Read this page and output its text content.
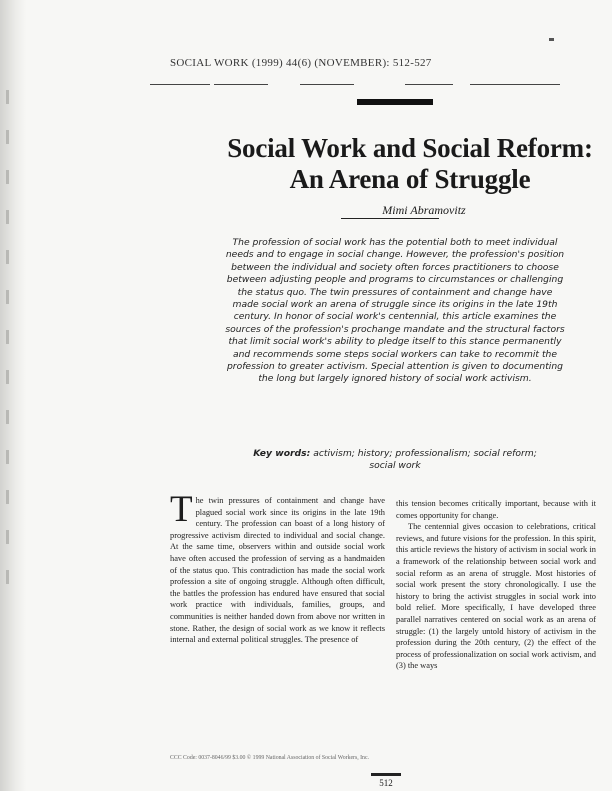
SOCIAL WORK (1999) 44(6) (NOVEMBER): 512-527
Social Work and Social Reform:
An Arena of Struggle
Mimi Abramovitz
The profession of social work has the potential both to meet individual needs and to engage in social change. However, the profession's position between the individual and society often forces practitioners to choose between adjusting people and programs to circumstances or challenging the status quo. The twin pressures of containment and change have made social work an arena of struggle since its origins in the late 19th century. In honor of social work's centennial, this article examines the sources of the profession's prochange mandate and the structural factors that limit social work's ability to pledge itself to this stance permanently and recommends some steps social workers can take to recommit the profession to greater activism. Special attention is given to documenting the long but largely ignored history of social work activism.
Key words: activism; history; professionalism; social reform; social work
T he twin pressures of containment and change have plagued social work since its origins in the late 19th century. The profession can boast of a long history of progressive activism directed to individual and social change. At the same time, observers within and outside social work have often accused the profession of serving as a handmaiden of the status quo. This contradiction has made the social work profession a site of ongoing struggle. Although often difficult, the battles the profession has endured have ensured that social work practice with individuals, families, groups, and communities is neither handed down from above nor written in stone. Rather, the design of social work as we know it reflects internal and external political struggles. The presence of

this tension becomes critically important, because with it comes opportunity for change.

The centennial gives occasion to celebrations, critical reviews, and future visions for the profession. In this spirit, this article reviews the history of activism in social work in a framework of the relationship between social work and social reform as an arena of struggle. Most histories of social work present the story chronologically. I use the history to bring the activist struggles in social work into bold relief. More specifically, I have developed three parallel narratives centered on social work as an arena of struggle: (1) the largely untold history of activism in the profession during the 20th century, (2) the effect of the process of professionalization on social work activism, and (3) the ways

CCC Code: 0037-8046/99 $3.00 © 1999 National Association of Social Workers, Inc.
512
